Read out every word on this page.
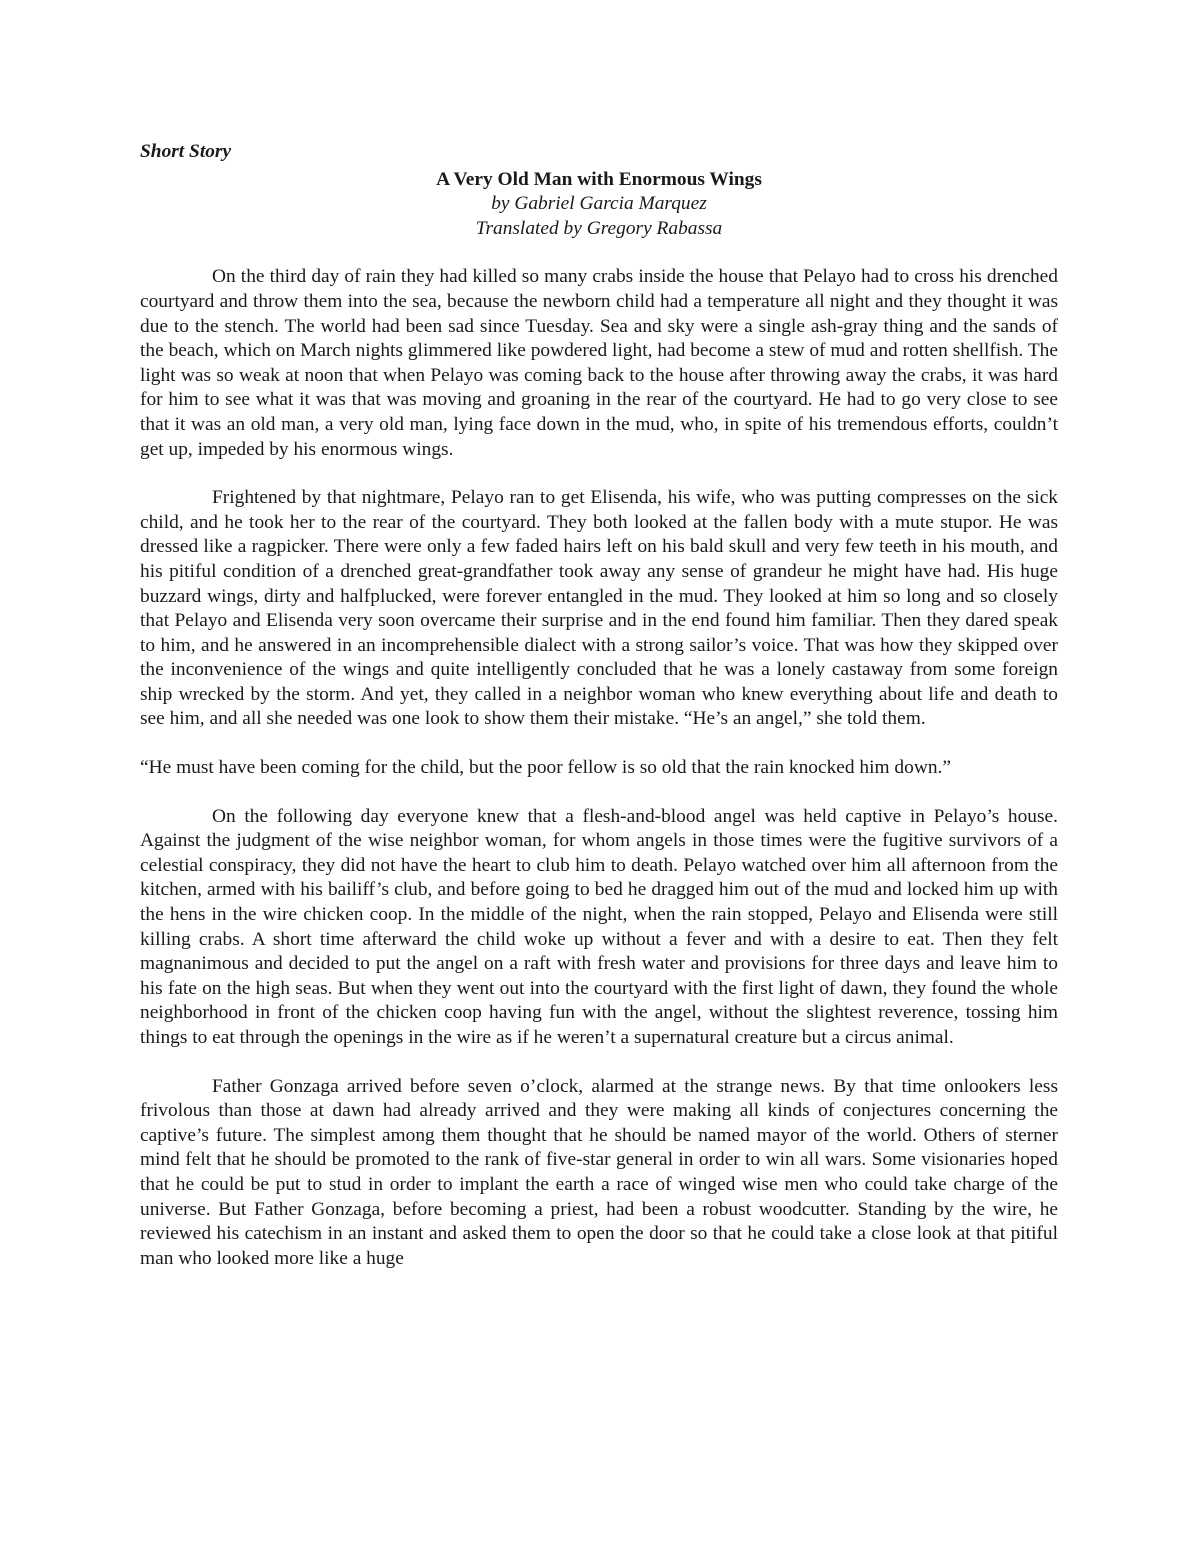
Short Story

A Very Old Man with Enormous Wings

by Gabriel Garcia Marquez

Translated by Gregory Rabassa

On the third day of rain they had killed so many crabs inside the house that Pelayo had to cross his drenched courtyard and throw them into the sea, because the newborn child had a temperature all night and they thought it was due to the stench. The world had been sad since Tuesday. Sea and sky were a single ash-gray thing and the sands of the beach, which on March nights glimmered like powdered light, had become a stew of mud and rotten shellfish. The light was so weak at noon that when Pelayo was coming back to the house after throwing away the crabs, it was hard for him to see what it was that was moving and groaning in the rear of the courtyard. He had to go very close to see that it was an old man, a very old man, lying face down in the mud, who, in spite of his tremendous efforts, couldn’t get up, impeded by his enormous wings.

Frightened by that nightmare, Pelayo ran to get Elisenda, his wife, who was putting compresses on the sick child, and he took her to the rear of the courtyard. They both looked at the fallen body with a mute stupor. He was dressed like a ragpicker. There were only a few faded hairs left on his bald skull and very few teeth in his mouth, and his pitiful condition of a drenched great-grandfather took away any sense of grandeur he might have had. His huge buzzard wings, dirty and halfplucked, were forever entangled in the mud. They looked at him so long and so closely that Pelayo and Elisenda very soon overcame their surprise and in the end found him familiar. Then they dared speak to him, and he answered in an incomprehensible dialect with a strong sailor’s voice. That was how they skipped over the inconvenience of the wings and quite intelligently concluded that he was a lonely castaway from some foreign ship wrecked by the storm. And yet, they called in a neighbor woman who knew everything about life and death to see him, and all she needed was one look to show them their mistake. “He’s an angel,” she told them.

“He must have been coming for the child, but the poor fellow is so old that the rain knocked him down.”

On the following day everyone knew that a flesh-and-blood angel was held captive in Pelayo’s house. Against the judgment of the wise neighbor woman, for whom angels in those times were the fugitive survivors of a celestial conspiracy, they did not have the heart to club him to death. Pelayo watched over him all afternoon from the kitchen, armed with his bailiff’s club, and before going to bed he dragged him out of the mud and locked him up with the hens in the wire chicken coop. In the middle of the night, when the rain stopped, Pelayo and Elisenda were still killing crabs. A short time afterward the child woke up without a fever and with a desire to eat. Then they felt magnanimous and decided to put the angel on a raft with fresh water and provisions for three days and leave him to his fate on the high seas. But when they went out into the courtyard with the first light of dawn, they found the whole neighborhood in front of the chicken coop having fun with the angel, without the slightest reverence, tossing him things to eat through the openings in the wire as if he weren’t a supernatural creature but a circus animal.

Father Gonzaga arrived before seven o’clock, alarmed at the strange news. By that time onlookers less frivolous than those at dawn had already arrived and they were making all kinds of conjectures concerning the captive’s future. The simplest among them thought that he should be named mayor of the world. Others of sterner mind felt that he should be promoted to the rank of five-star general in order to win all wars. Some visionaries hoped that he could be put to stud in order to implant the earth a race of winged wise men who could take charge of the universe. But Father Gonzaga, before becoming a priest, had been a robust woodcutter. Standing by the wire, he reviewed his catechism in an instant and asked them to open the door so that he could take a close look at that pitiful man who looked more like a huge
